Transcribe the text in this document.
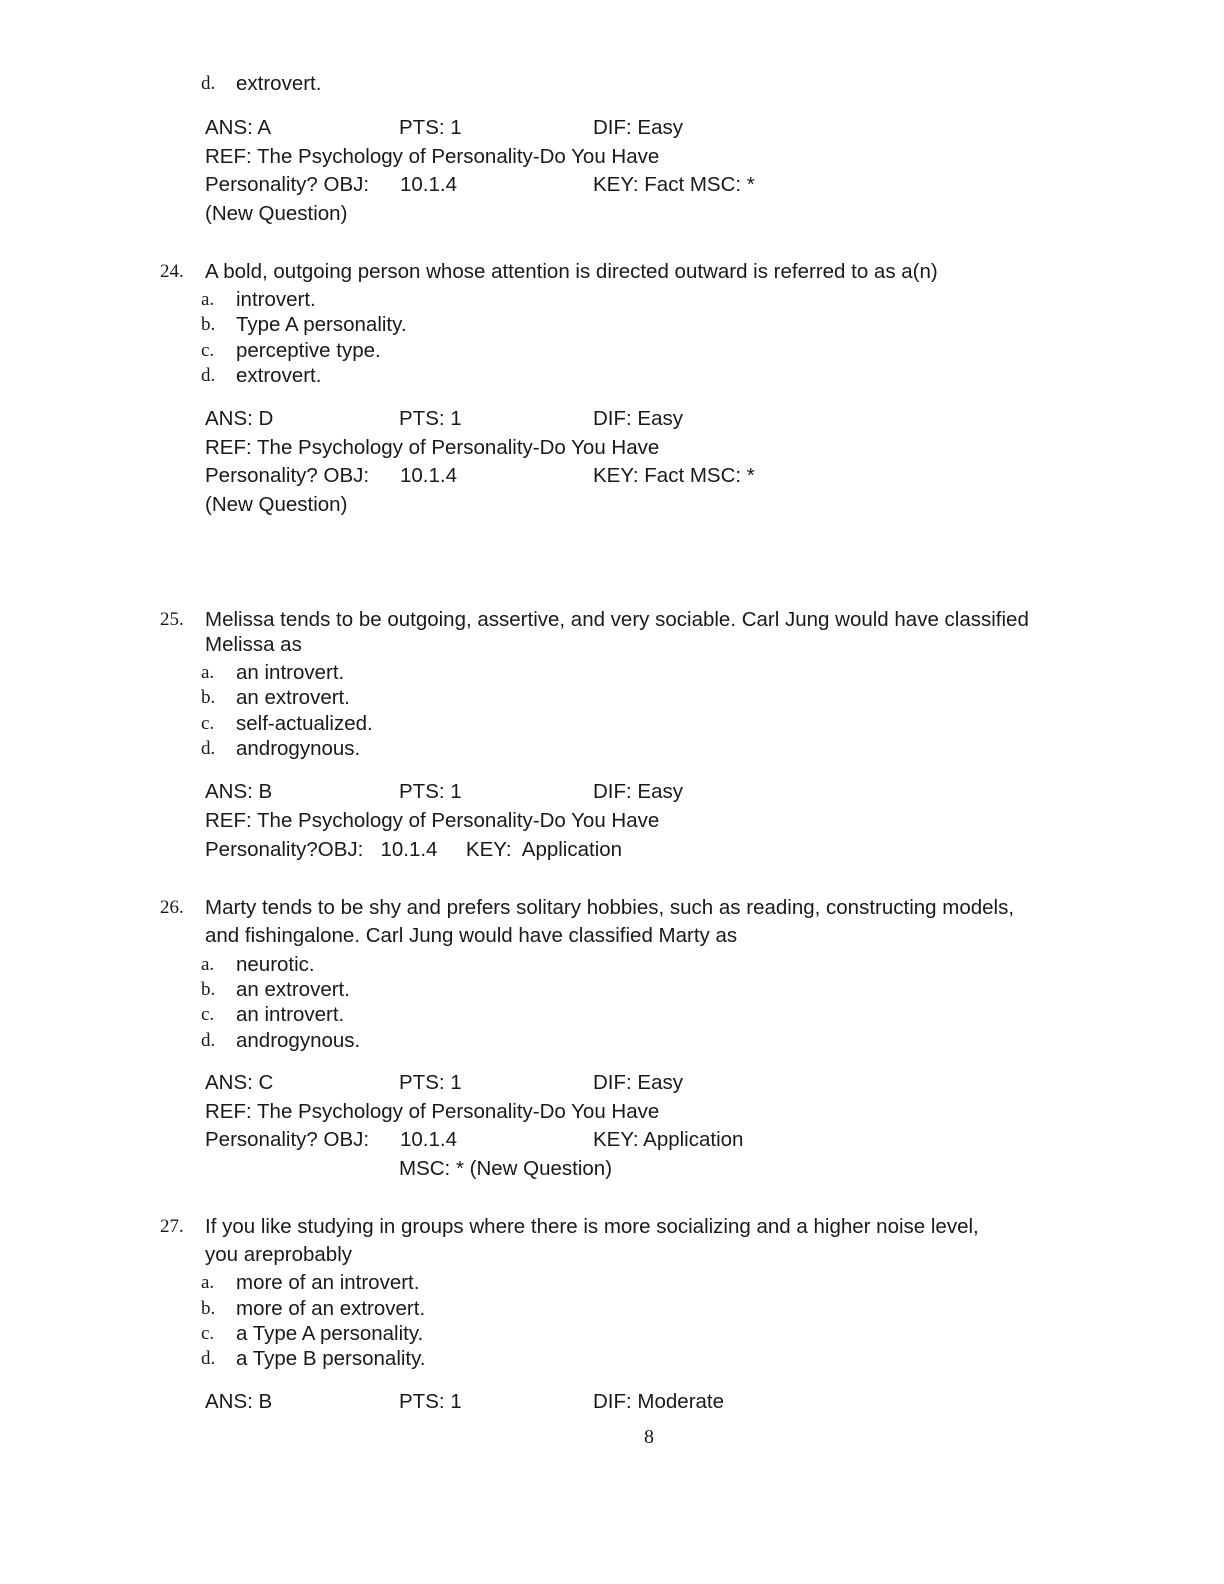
d. extrovert.
ANS: A	PTS: 1	DIF: Easy
REF: The Psychology of Personality-Do You Have
Personality? OBJ: 10.1.4	KEY: Fact MSC: *
(New Question)
24. A bold, outgoing person whose attention is directed outward is referred to as a(n)
a. introvert.
b. Type A personality.
c. perceptive type.
d. extrovert.
ANS: D	PTS: 1	DIF: Easy
REF: The Psychology of Personality-Do You Have
Personality? OBJ: 10.1.4	KEY: Fact MSC: *
(New Question)
25. Melissa tends to be outgoing, assertive, and very sociable. Carl Jung would have classified
Melissa as
a. an introvert.
b. an extrovert.
c. self-actualized.
d. androgynous.
ANS: B	PTS: 1	DIF: Easy
REF: The Psychology of Personality-Do You Have
Personality?OBJ:   10.1.4     KEY:  Application
26. Marty tends to be shy and prefers solitary hobbies, such as reading, constructing models,
and fishingalone. Carl Jung would have classified Marty as
a. neurotic.
b. an extrovert.
c. an introvert.
d. androgynous.
ANS: C	PTS: 1	DIF: Easy
REF: The Psychology of Personality-Do You Have
Personality? OBJ: 10.1.4	KEY: Application
MSC: * (New Question)
27. If you like studying in groups where there is more socializing and a higher noise level,
you areprobably
a. more of an introvert.
b. more of an extrovert.
c. a Type A personality.
d. a Type B personality.
ANS: B	PTS: 1	DIF: Moderate
8
